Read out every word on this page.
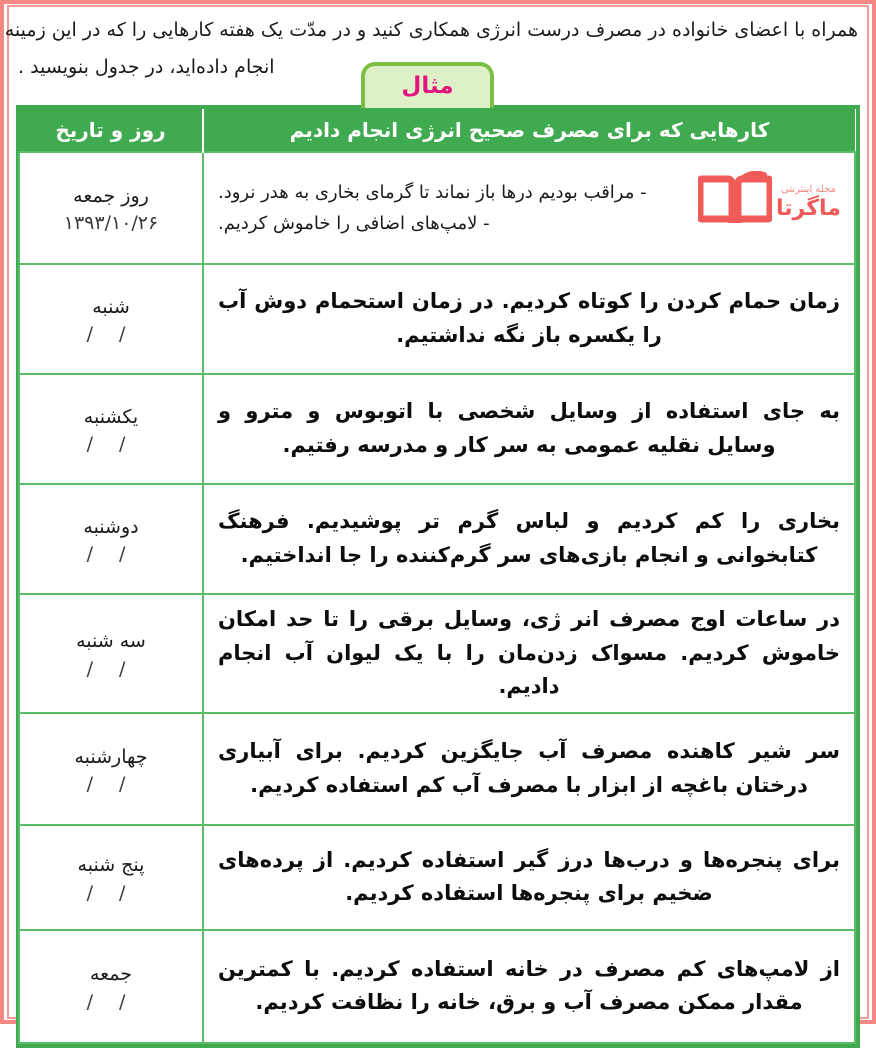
همراه با اعضای خانواده در مصرف درست انرژی همکاری کنید و در مدّت یک هفته کارهایی را که در این زمینه
انجام داده‌اید، در جدول بنویسید .
مثال
کارهایی که برای مصرف صحیح انرژی انجام دادیم	روز و تاریخ

- مراقب بودیم درها باز نماند تا گرمای بخاری به هدر نرود.
- لامپ‌های اضافی را خاموش کردیم.
مجله اینترنتی
ماگرتا	روز جمعه
۱۳۹۳/۱۰/۲۶

زمان حمام کردن را کوتاه کردیم. در زمان استحمام دوش آب را یکسره باز نگه نداشتیم.	شنبه
/ /

به جای استفاده از وسایل شخصی با اتوبوس و مترو و وسایل نقلیه عمومی به سر کار و مدرسه رفتیم.	یکشنبه
/ /

بخاری را کم کردیم و لباس گرم تر پوشیدیم. فرهنگ کتابخوانی و انجام بازی‌های سر گرم‌کننده را جا انداختیم.	دوشنبه
/ /

در ساعات اوج مصرف انر ژی، وسایل برقی را تا حد امکان خاموش کردیم. مسواک زدن‌مان را با یک لیوان آب انجام دادیم.	سه شنبه
/ /

سر شیر کاهنده مصرف آب جایگزین کردیم. برای آبیاری درختان باغچه از ابزار با مصرف آب کم استفاده کردیم.	چهارشنبه
/ /

برای پنجره‌ها و درب‌ها درز گیر استفاده کردیم. از پرده‌های ضخیم برای پنجره‌ها استفاده کردیم.	پنج شنبه
/ /

از لامپ‌های کم مصرف در خانه استفاده کردیم. با کمترین مقدار ممکن مصرف آب و برق، خانه را نظافت کردیم.	جمعه
/ /
